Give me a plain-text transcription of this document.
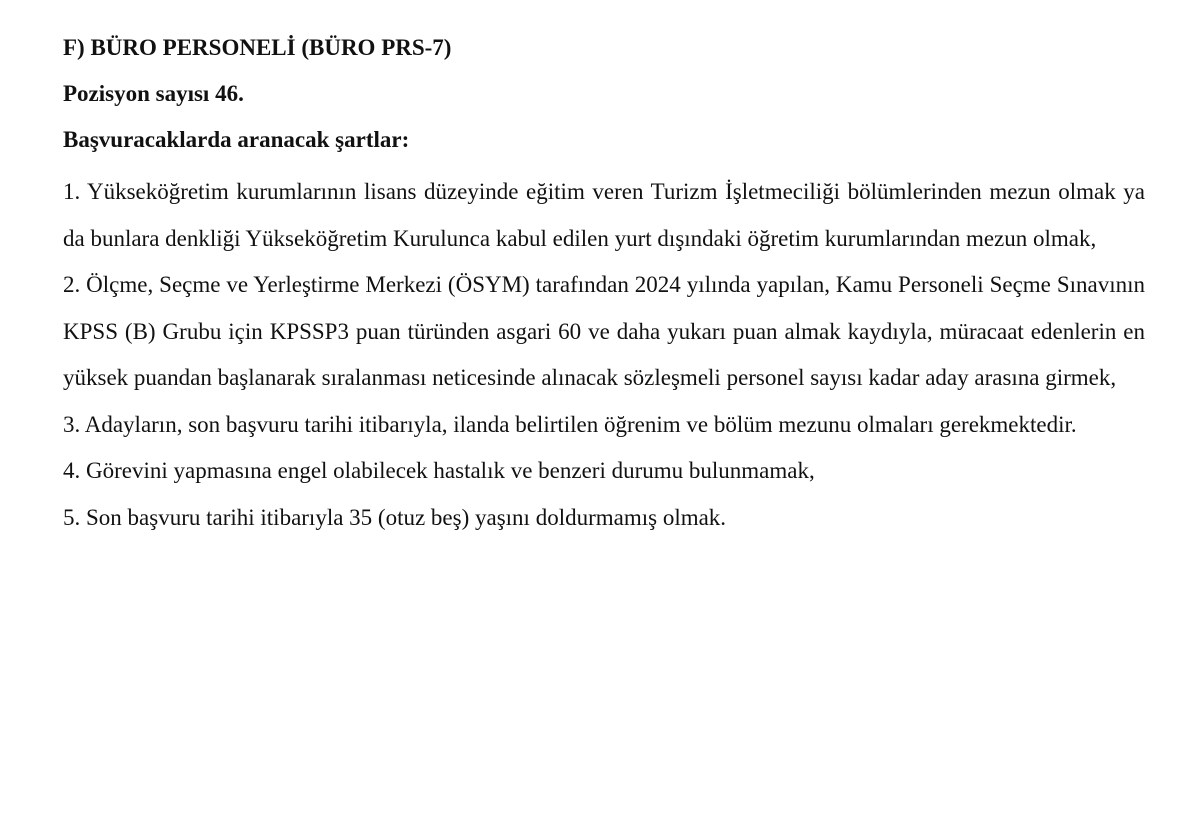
F) BÜRO PERSONELİ (BÜRO PRS-7)

Pozisyon sayısı 46.

Başvuracaklarda aranacak şartlar:

1. Yükseköğretim kurumlarının lisans düzeyinde eğitim veren Turizm İşletmeciliği bölümlerinden mezun olmak ya da bunlara denkliği Yükseköğretim Kurulunca kabul edilen yurt dışındaki öğretim kurumlarından mezun olmak,
2. Ölçme, Seçme ve Yerleştirme Merkezi (ÖSYM) tarafından 2024 yılında yapılan, Kamu Personeli Seçme Sınavının KPSS (B) Grubu için KPSSP3 puan türünden asgari 60 ve daha yukarı puan almak kaydıyla, müracaat edenlerin en yüksek puandan başlanarak sıralanması neticesinde alınacak sözleşmeli personel sayısı kadar aday arasına girmek,
3. Adayların, son başvuru tarihi itibarıyla, ilanda belirtilen öğrenim ve bölüm mezunu olmaları gerekmektedir.
4. Görevini yapmasına engel olabilecek hastalık ve benzeri durumu bulunmamak,
5. Son başvuru tarihi itibarıyla 35 (otuz beş) yaşını doldurmamış olmak.
